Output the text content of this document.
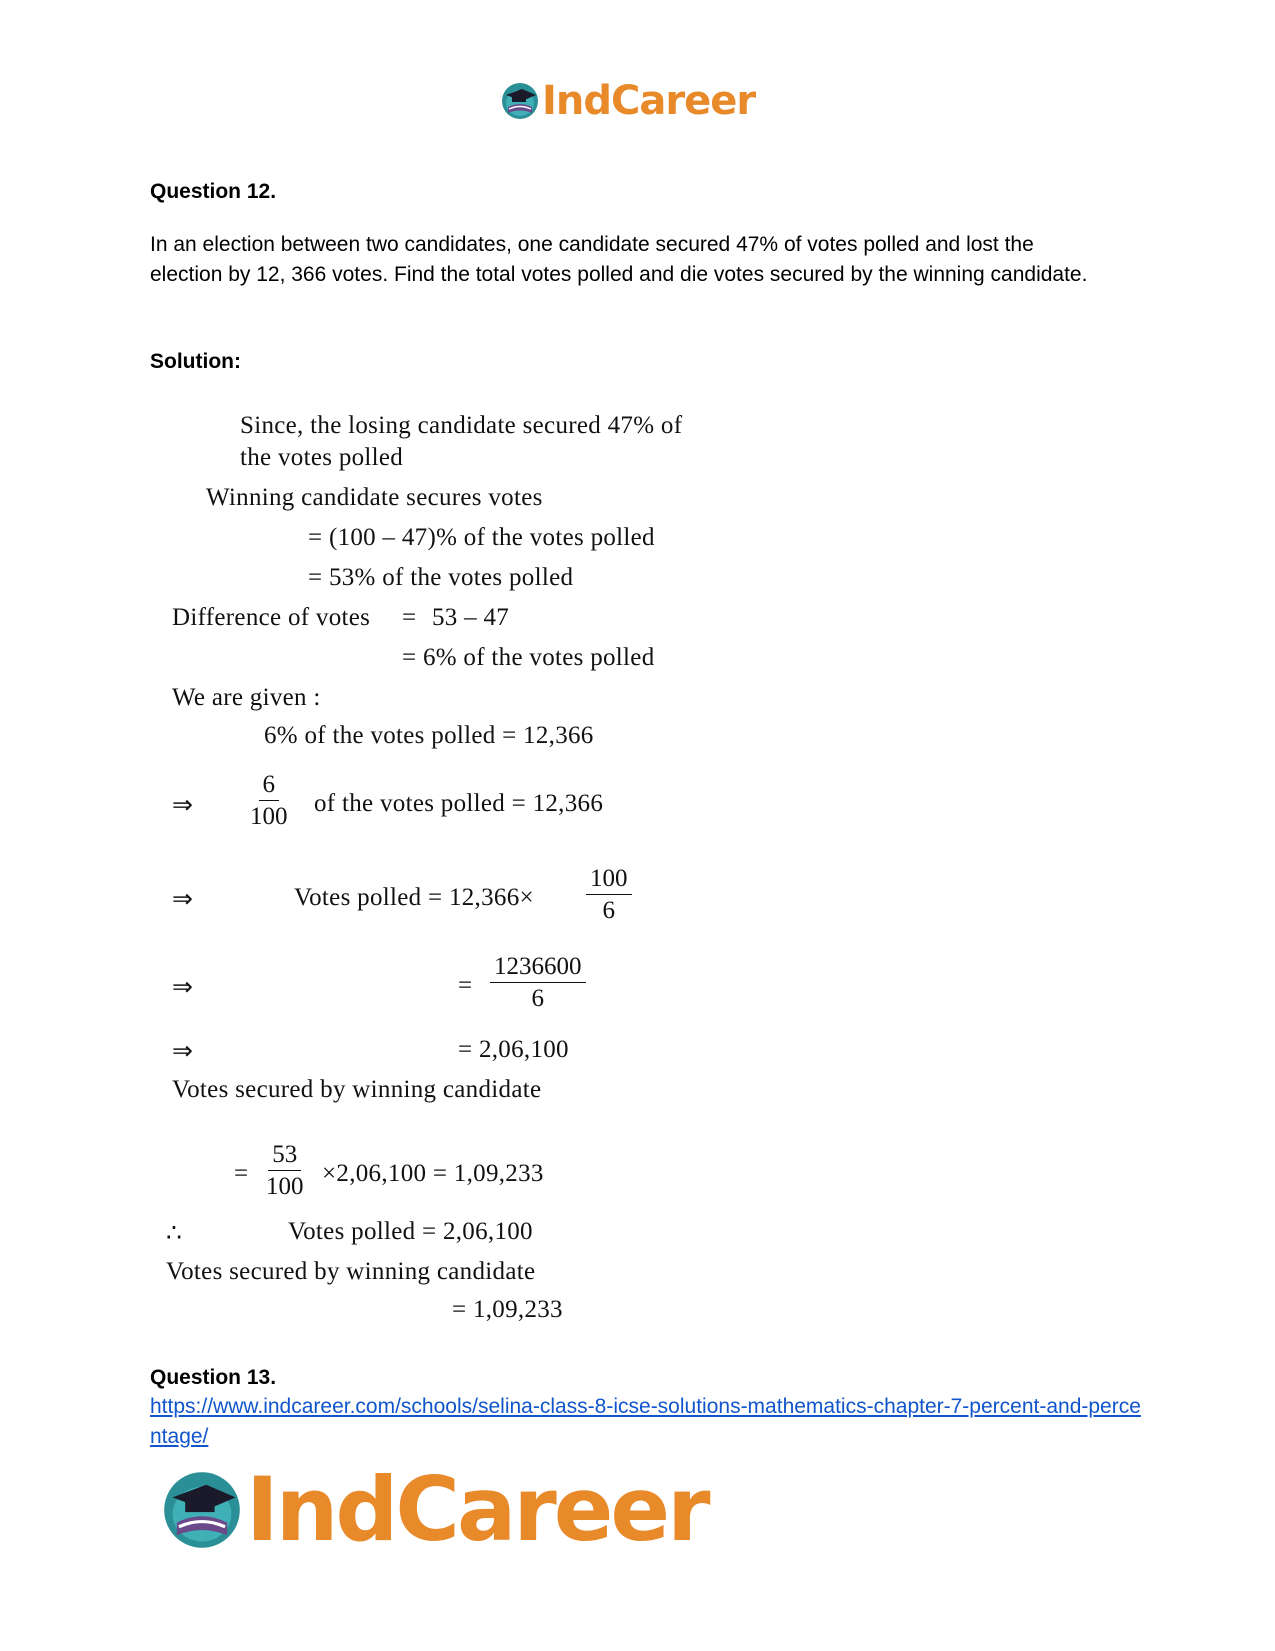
IndCareer
Question 12.
In an election between two candidates, one candidate secured 47% of votes polled and lost the election by 12, 366 votes. Find the total votes polled and die votes secured by the winning candidate.
Solution:
Since, the losing candidate secured 47% of
the votes polled
Winning candidate secures votes
= (100 – 47)% of the votes polled
= 53% of the votes polled
Difference of votes = 53 – 47
= 6% of the votes polled
We are given :
6% of the votes polled = 12,366
⇒ $\frac{6}{100}$ of the votes polled = 12,366
⇒	Votes polled = $12,366\times \frac{100}{6}$
⇒	= $\frac{1236600}{6}$
⇒	= 2,06,100
Votes secured by winning candidate
= $\frac{53}{100} \times 2,06,100 = 1,09,233$
∴	Votes polled = 2,06,100
Votes secured by winning candidate
= 1,09,233
Question 13.
https://www.indcareer.com/schools/selina-class-8-icse-solutions-mathematics-chapter-7-percent-and-percentage/
IndCareer
